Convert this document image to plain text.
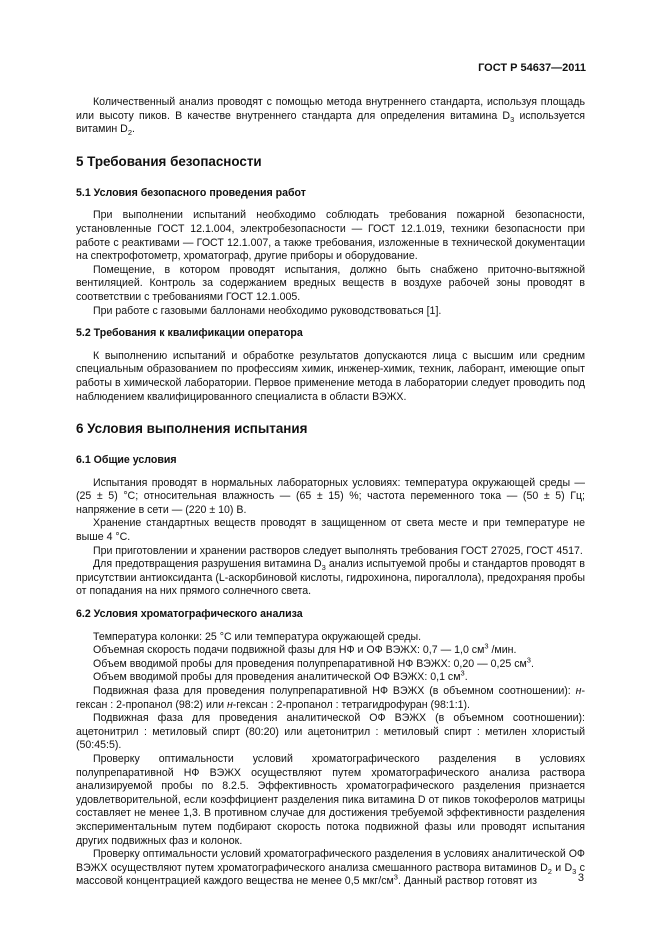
ГОСТ Р 54637—2011

Количественный анализ проводят с помощью метода внутреннего стандарта, используя площадь или высоту пиков. В качестве внутреннего стандарта для определения витамина $D_3$ используется витамин $D_2$.

5 Требования безопасности
5.1 Условия безопасного проведения работ

При выполнении испытаний необходимо соблюдать требования пожарной безопасности, установленные ГОСТ 12.1.004, электробезопасности — ГОСТ 12.1.019, техники безопасности при работе с реактивами — ГОСТ 12.1.007, а также требования, изложенные в технической документации на спектрофотометр, хроматограф, другие приборы и оборудование.

Помещение, в котором проводят испытания, должно быть снабжено приточно-вытяжной вентиляцией. Контроль за содержанием вредных веществ в воздухе рабочей зоны проводят в соответствии с требованиями ГОСТ 12.1.005.

При работе с газовыми баллонами необходимо руководствоваться [1].

5.2 Требования к квалификации оператора

К выполнению испытаний и обработке результатов допускаются лица с высшим или средним специальным образованием по профессиям химик, инженер-химик, техник, лаборант, имеющие опыт работы в химической лаборатории. Первое применение метода в лаборатории следует проводить под наблюдением квалифицированного специалиста в области ВЭЖХ.

6 Условия выполнения испытания
6.1 Общие условия

Испытания проводят в нормальных лабораторных условиях: температура окружающей среды — (25 ± 5) °С; относительная влажность — (65 ± 15) %; частота переменного тока — (50 ± 5) Гц; напряжение в сети — (220 ± 10) В.

Хранение стандартных веществ проводят в защищенном от света месте и при температуре не выше 4 °С.

При приготовлении и хранении растворов следует выполнять требования ГОСТ 27025, ГОСТ 4517.

Для предотвращения разрушения витамина $D_3$ анализ испытуемой пробы и стандартов проводят в присутствии антиоксиданта (L-аскорбиновой кислоты, гидрохинона, пирогаллола), предохраняя пробы от попадания на них прямого солнечного света.

6.2 Условия хроматографического анализа

Температура колонки: 25 °С или температура окружающей среды.

Объемная скорость подачи подвижной фазы для НФ и ОФ ВЭЖХ: 0,7 — 1,0 $см^3$ /мин.

Объем вводимой пробы для проведения полупрепаративной НФ ВЭЖХ: 0,20 — 0,25 $см^3$.

Объем вводимой пробы для проведения аналитической ОФ ВЭЖХ: 0,1 $см^3$.

Подвижная фаза для проведения полупрепаративной НФ ВЭЖХ (в объемном соотношении): н-гексан : 2-пропанол (98:2) или н-гексан : 2-пропанол : тетрагидрофуран (98:1:1).

Подвижная фаза для проведения аналитической ОФ ВЭЖХ (в объемном соотношении): ацетонитрил : метиловый спирт (80:20) или ацетонитрил : метиловый спирт : метилен хлористый (50:45:5).

Проверку оптимальности условий хроматографического разделения в условиях полупрепаративной НФ ВЭЖХ осуществляют путем хроматографического анализа раствора анализируемой пробы по 8.2.5. Эффективность хроматографического разделения признается удовлетворительной, если коэффициент разделения пика витамина D от пиков токоферолов матрицы составляет не менее 1,3. В противном случае для достижения требуемой эффективности разделения экспериментальным путем подбирают скорость потока подвижной фазы или проводят испытания других подвижных фаз и колонок.

Проверку оптимальности условий хроматографического разделения в условиях аналитической ОФ ВЭЖХ осуществляют путем хроматографического анализа смешанного раствора витаминов $D_2$ и $D_3$ с массовой концентрацией каждого вещества не менее 0,5 мкг/$см^3$. Данный раствор готовят из	3
